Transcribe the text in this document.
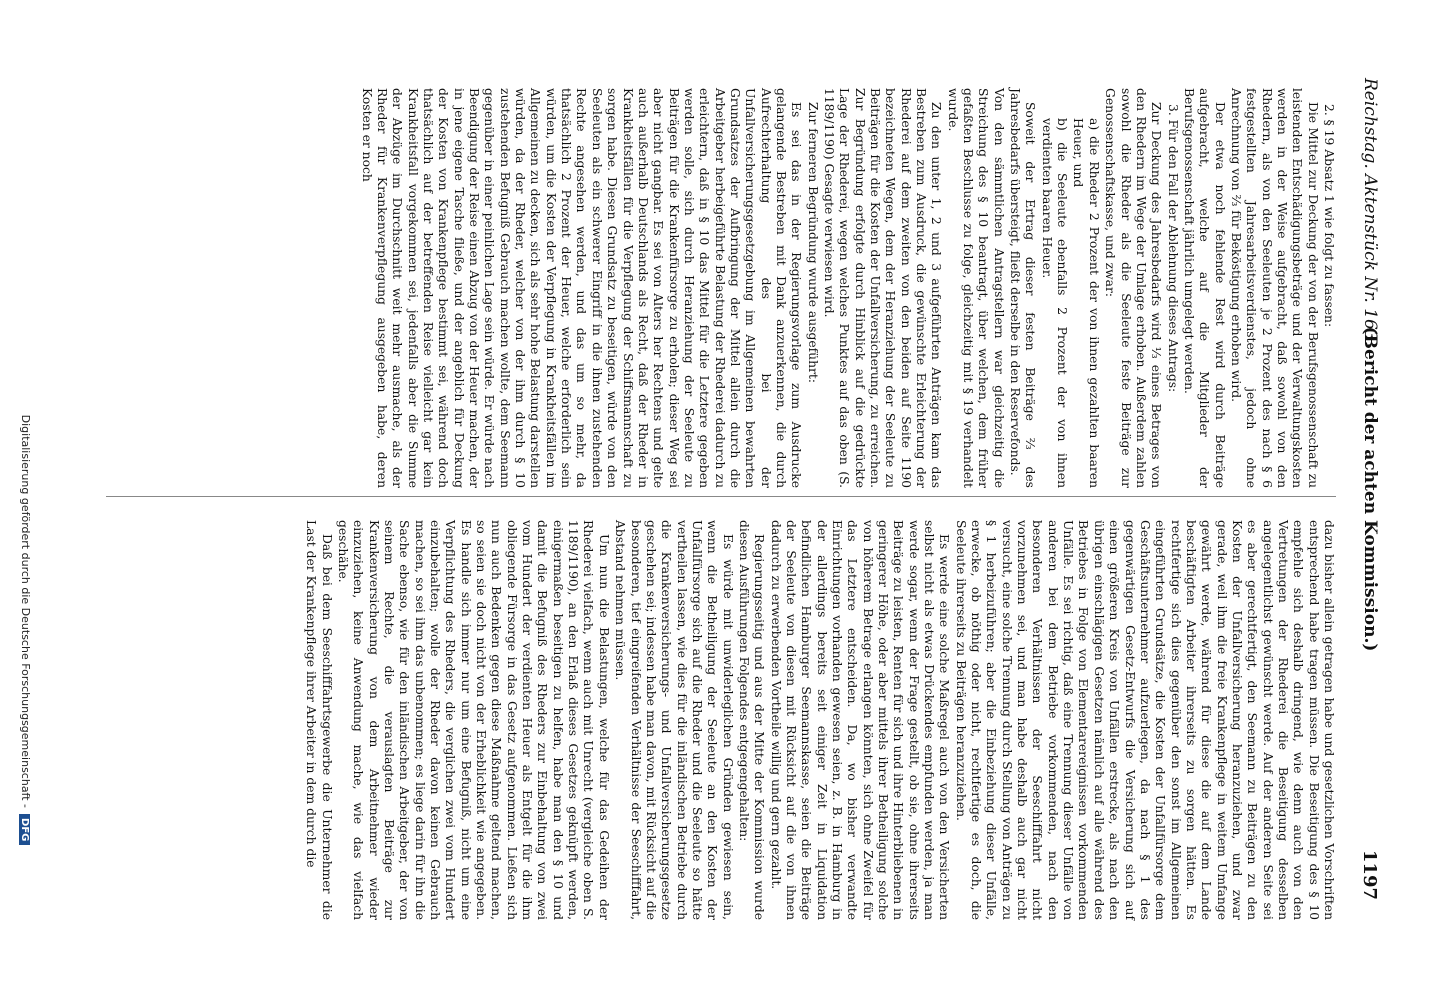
Reichstag. Aktenstück Nr. 163.
(Bericht der achten Kommission.)
1197

2. § 19 Absatz 1 wie folgt zu fassen:

Die Mittel zur Deckung der von der Berufsgenossenschaft zu leistenden Entschädigungsbeträge und der Verwaltungskosten werden in der Weise aufgebracht, daß sowohl von den Rhedern, als von den Seeleuten je 2 Prozent des nach § 6 festgestellten Jahresarbeitsverdienstes, jedoch ohne Anrechnung von ⅔ für Beköstigung erhoben wird.

Der etwa noch fehlende Rest wird durch Beiträge aufgebracht, welche auf die Mitglieder der Berufsgenossenschaft jährlich umgelegt werden.

3. Für den Fall der Ablehnung dieses Antrags:

Zur Deckung des Jahresbedarfs wird ⅓ eines Betrages von den Rhedern im Wege der Umlage erhoben. Außerdem zahlen sowohl die Rheder als die Seeleute feste Beiträge zur Genossenschaftskasse, und zwar:

a) die Rheder 2 Prozent der von ihnen gezahlten baaren Heuer, und

b) die Seeleute ebenfalls 2 Prozent der von ihnen verdienten baaren Heuer.

Soweit der Ertrag dieser festen Beiträge ⅔ des Jahresbedarfs übersteigt, fließt derselbe in den Reservefonds.

Von den sämmtlichen Antragstellern war gleichzeitig die Streichung des § 10 beantragt, über welchen, dem früher gefaßten Beschlusse zu folge, gleichzeitig mit § 19 verhandelt wurde.

Zu den unter 1, 2 und 3 aufgeführten Anträgen kam das Bestreben zum Ausdruck, die gewünschte Erleichterung der Rhederei auf dem zweiten von den beiden auf Seite 1190 bezeichneten Wegen, dem der Heranziehung der Seeleute zu Beiträgen für die Kosten der Unfallversicherung, zu erreichen. Zur Begründung erfolgte durch Hinblick auf die gedrückte Lage der Rhederei, wegen welches Punktes auf das oben (S. 1189/1190) Gesagte verwiesen wird.

Zur ferneren Begründung wurde ausgeführt:

Es sei das in der Regierungsvorlage zum Ausdrucke gelangende Bestreben mit Dank anzuerkennen, die durch Aufrechterhaltung des bei der Unfallversicherungsgesetzgebung im Allgemeinen bewahrten Grundsatzes der Aufbringung der Mittel allein durch die Arbeitgeber herbeigeführte Belastung der Rhederei dadurch zu erleichtern, daß in § 10 das Mittel für die Letztere gegeben werden solle, sich durch Heranziehung der Seeleute zu Beiträgen für die Krankenfürsorge zu erholen; dieser Weg sei aber nicht gangbar. Es sei von Alters her Rechtens und gelte auch außerhalb Deutschlands als Recht, daß der Rheder in Krankheitsfällen für die Verpflegung der Schiffsmannschaft zu sorgen habe. Diesen Grundsatz zu beseitigen, würde von den Seeleuten als ein schwerer Eingriff in die ihnen zustehenden Rechte angesehen werden, und das um so mehr, da thatsächlich 2 Prozent der Heuer, welche erforderlich sein würden, um die Kosten der Verpflegung in Krankheitsfällen im Allgemeinen zu decken, sich als sehr hohe Belastung darstellen würden, da der Rheder, welcher von der ihm durch § 10 zustehenden Befugniß Gebrauch machen wollte, dem Seemann gegenüber in einer peinlichen Lage sein würde. Er würde nach Beendigung der Reise einen Abzug von der Heuer machen, der in jene eigene Tasche fließe, und der angeblich für Deckung der Kosten von Krankenpflege bestimmt sei, während doch thatsächlich auf der betreffenden Reise vielleicht gar kein Krankheitsfall vorgekommen sei, jedenfalls aber die Summe der Abzüge im Durchschnitt weit mehr ausmache, als der Rheder für Krankenverpflegung ausgegeben habe, deren Kosten er noch

dazu bisher allein getragen habe und gesetzlichen Vorschriften entsprechend habe tragen müssen. Die Beseitigung des § 10 empfehle sich deshalb dringend, wie denn auch von den Vertretungen der Rhederei die Beseitigung desselben angelegentlichst gewünscht werde. Auf der anderen Seite sei es aber gerechtfertigt, den Seemann zu Beiträgen zu den Kosten der Unfallversicherung heranzuziehen, und zwar gerade, weil ihm die freie Krankenpflege in weitem Umfange gewährt werde, während für diese die auf dem Lande beschäftigten Arbeiter ihrerseits zu sorgen hätten. Es rechtfertige sich dies gegenüber den sonst im Allgemeinen eingeführten Grundsätze, die Kosten der Unfallfürsorge dem Geschäftsunternehmer aufzuerlegen, da nach § 1 des gegenwärtigen Gesetz-Entwurfs die Versicherung sich auf einen größeren Kreis von Unfällen erstrecke, als nach den übrigen einschlägigen Gesetzen nämlich auf alle während des Betriebes in Folge von Elementarereignissen vorkommenden Unfälle. Es sei richtig, daß eine Trennung dieser Unfälle von anderen bei dem Betriebe vorkommenden, nach den besonderen Verhältnissen der Seeschifffahrt nicht vorzunehmen sei, und man habe deshalb auch gar nicht versucht, eine solche Trennung durch Stellung von Anträgen zu § 1 herbeizuführen; aber die Einbeziehung dieser Unfälle, erwecke, ob nöthig oder nicht, rechtfertige es doch, die Seeleute ihrerseits zu Beiträgen heranzuziehen.

Es werde eine solche Maßregel auch von den Versicherten selbst nicht als etwas Drückendes empfunden werden, ja man werde sogar, wenn der Frage gestellt, ob sie, ohne ihrerseits Beiträge zu leisten, Renten für sich und ihre Hinterbliebenen in geringerer Höhe, oder aber mittels ihrer Betheiligung solche von höherem Betrage erlangen könnten, sich ohne Zweifel für das Letztere entscheiden. Da, wo bisher verwandte Einrichtungen vorhanden gewesen seien, z. B. in Hamburg in der allerdings bereits seit einiger Zeit in Liquidation befindlichen Hamburger Seemannskasse, seien die Beiträge der Seeleute von diesen mit Rücksicht auf die von ihnen dadurch zu erwerbenden Vortheile willig und gern gezahlt.

Regierungsseitig und aus der Mitte der Kommission wurde diesen Ausführungen Folgendes entgegengehalten:

Es würde mit unwiderleglichen Gründen gewiesen sein, wenn die Betheiligung der Seeleute an den Kosten der Unfallfürsorge sich auf die Rheder und die Seeleute so hätte vertheilen lassen, wie dies für die inländischen Betriebe durch die Krankenversicherungs- und Unfallversicherungsgesetze geschehen sei; indessen habe man davon, mit Rücksicht auf die besonderen, tief eingreifenden Verhältnisse der Seeschifffahrt, Abstand nehmen müssen.

Um nun die Belastungen, welche für das Gedeihen der Rhederei vielfach, wenn auch mit Unrecht (vergleiche oben S. 1189/1190), an den Erlaß dieses Gesetzes geknüpft werden, einigermaßen beseitigen zu helfen, habe man den § 10 und damit die Befugniß des Rheders zur Einbehaltung von zwei vom Hundert der verdienten Heuer als Entgelt für die ihm obliegende Fürsorge in das Gesetz aufgenommen. Ließen sich nun auch Bedenken gegen diese Maßnahme geltend machen, so seien sie doch nicht von der Erheblichkeit wie angegeben. Es handle sich immer nur um eine Befugniß, nicht um eine Verpflichtung des Rheders, die verglichen zwei vom Hundert einzubehalten; wolle der Rheder davon keinen Gebrauch machen, so sei ihm das unbenommen; es liege darin für ihn die Sache ebenso, wie für den inländischen Arbeitgeber, der von seinem Rechte, die verauslagten Beiträge zur Krankenversicherung von dem Arbeitnehmer wieder einzuziehen, keine Anwendung mache, wie das vielfach geschähe.

Daß bei dem Seeschifffahrtsgewerbe die Unternehmer die Last der Krankenpflege ihrer Arbeiter in dem durch die

Digitalisierung gefördert durch die Deutsche Forschungsgemeinschaft -DFG
